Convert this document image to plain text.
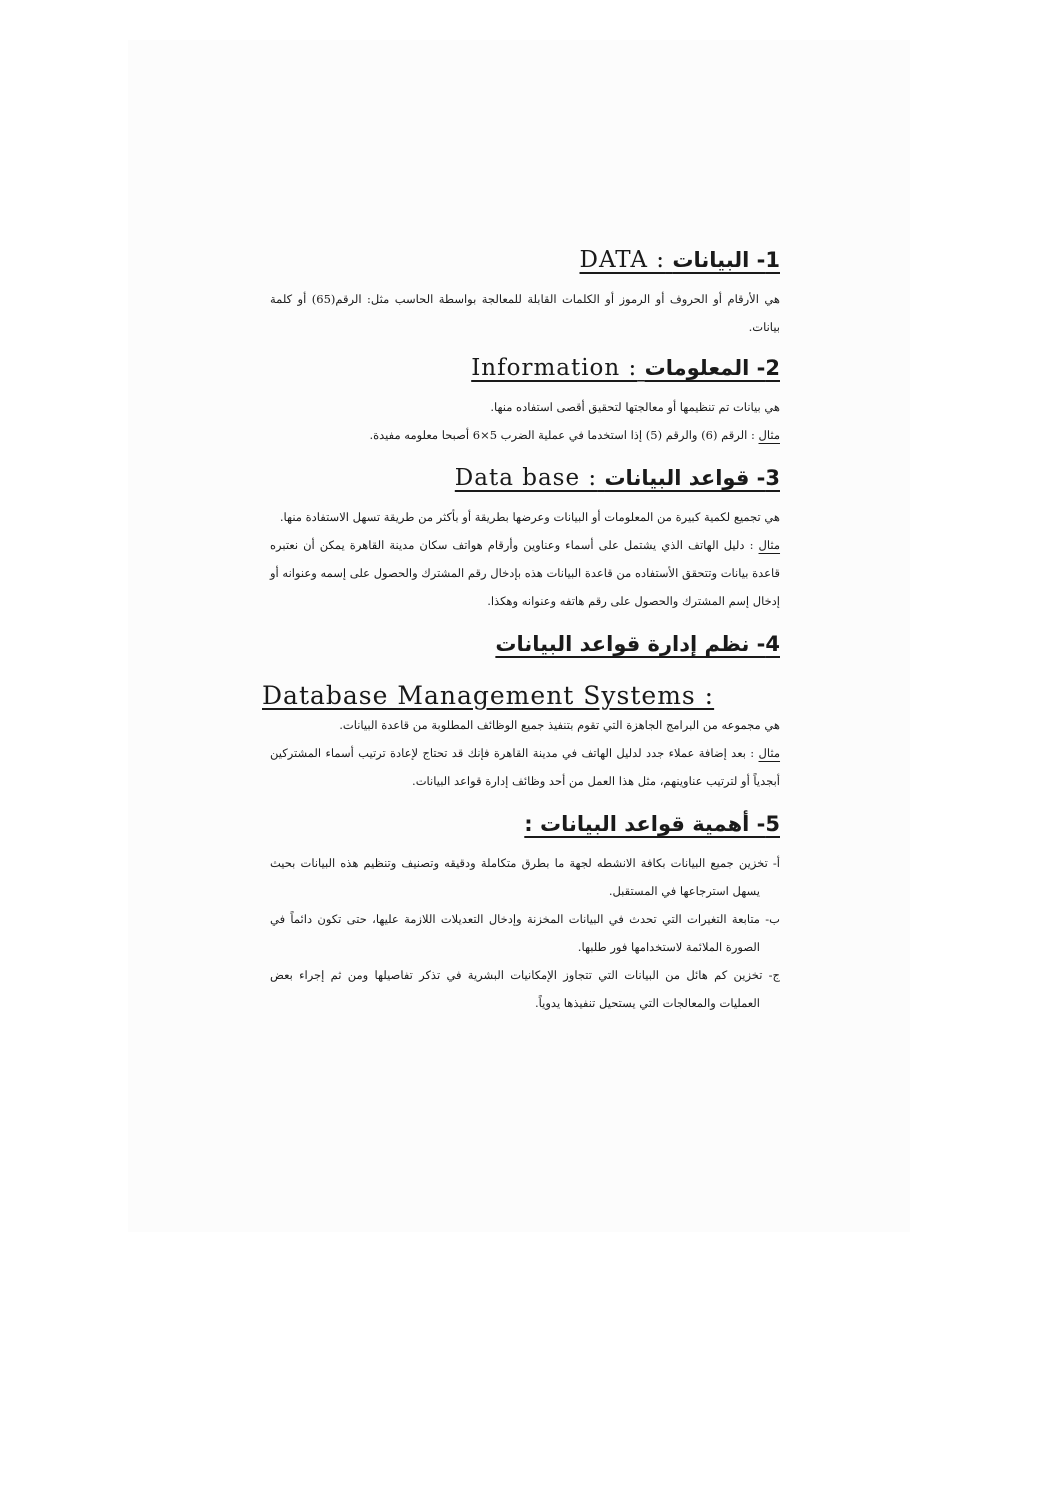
1- البيانات DATA :

هي الأرقام أو الحروف أو الرموز أو الكلمات القابلة للمعالجة بواسطة الحاسب مثل: الرقم(65) أو كلمة بيانات.

2- المعلومات Information :

هي بيانات تم تنظيمها أو معالجتها لتحقيق أقصى استفاده منها.

مثال : الرقم (6) والرقم (5) إذا استخدما في عملية الضرب 5×6 أصبحا معلومه مفيدة.

3- قواعد البيانات Data base :

هي تجميع لكمية كبيرة من المعلومات أو البيانات وعرضها بطريقة أو بأكثر من طريقة تسهل الاستفادة منها.

مثال : دليل الهاتف الذي يشتمل على أسماء وعناوين وأرقام هواتف سكان مدينة القاهرة يمكن أن نعتبره قاعدة بيانات وتتحقق الأستفاده من قاعدة البيانات هذه بإدخال رقم المشترك والحصول على إسمه وعنوانه أو إدخال إسم المشترك والحصول على رقم هاتفه وعنوانه وهكذا.

4- نظم إدارة قواعد البيانات
Database Management Systems :

هي مجموعه من البرامج الجاهزة التي تقوم بتنفيذ جميع الوظائف المطلوبة من قاعدة البيانات.

مثال : بعد إضافة عملاء جدد لدليل الهاتف في مدينة القاهرة فإنك قد تحتاج لإعادة ترتيب أسماء المشتركين أبجدياً أو لترتيب عناوينهم، مثل هذا العمل من أحد وظائف إدارة قواعد البيانات.

5- أهمية قواعد البيانات :

أ- تخزين جميع البيانات بكافة الانشطه لجهة ما بطرق متكاملة ودقيقه وتصنيف وتنظيم هذه البيانات بحيث يسهل استرجاعها في المستقبل.

ب- متابعة التغيرات التي تحدث في البيانات المخزنة وإدخال التعديلات اللازمة عليها، حتى تكون دائماً في الصورة الملائمة لاستخدامها فور طلبها.

ج- تخزين كم هائل من البيانات التي تتجاوز الإمكانيات البشرية في تذكر تفاصيلها ومن ثم إجراء بعض العمليات والمعالجات التي يستحيل تنفيذها يدوياً.
